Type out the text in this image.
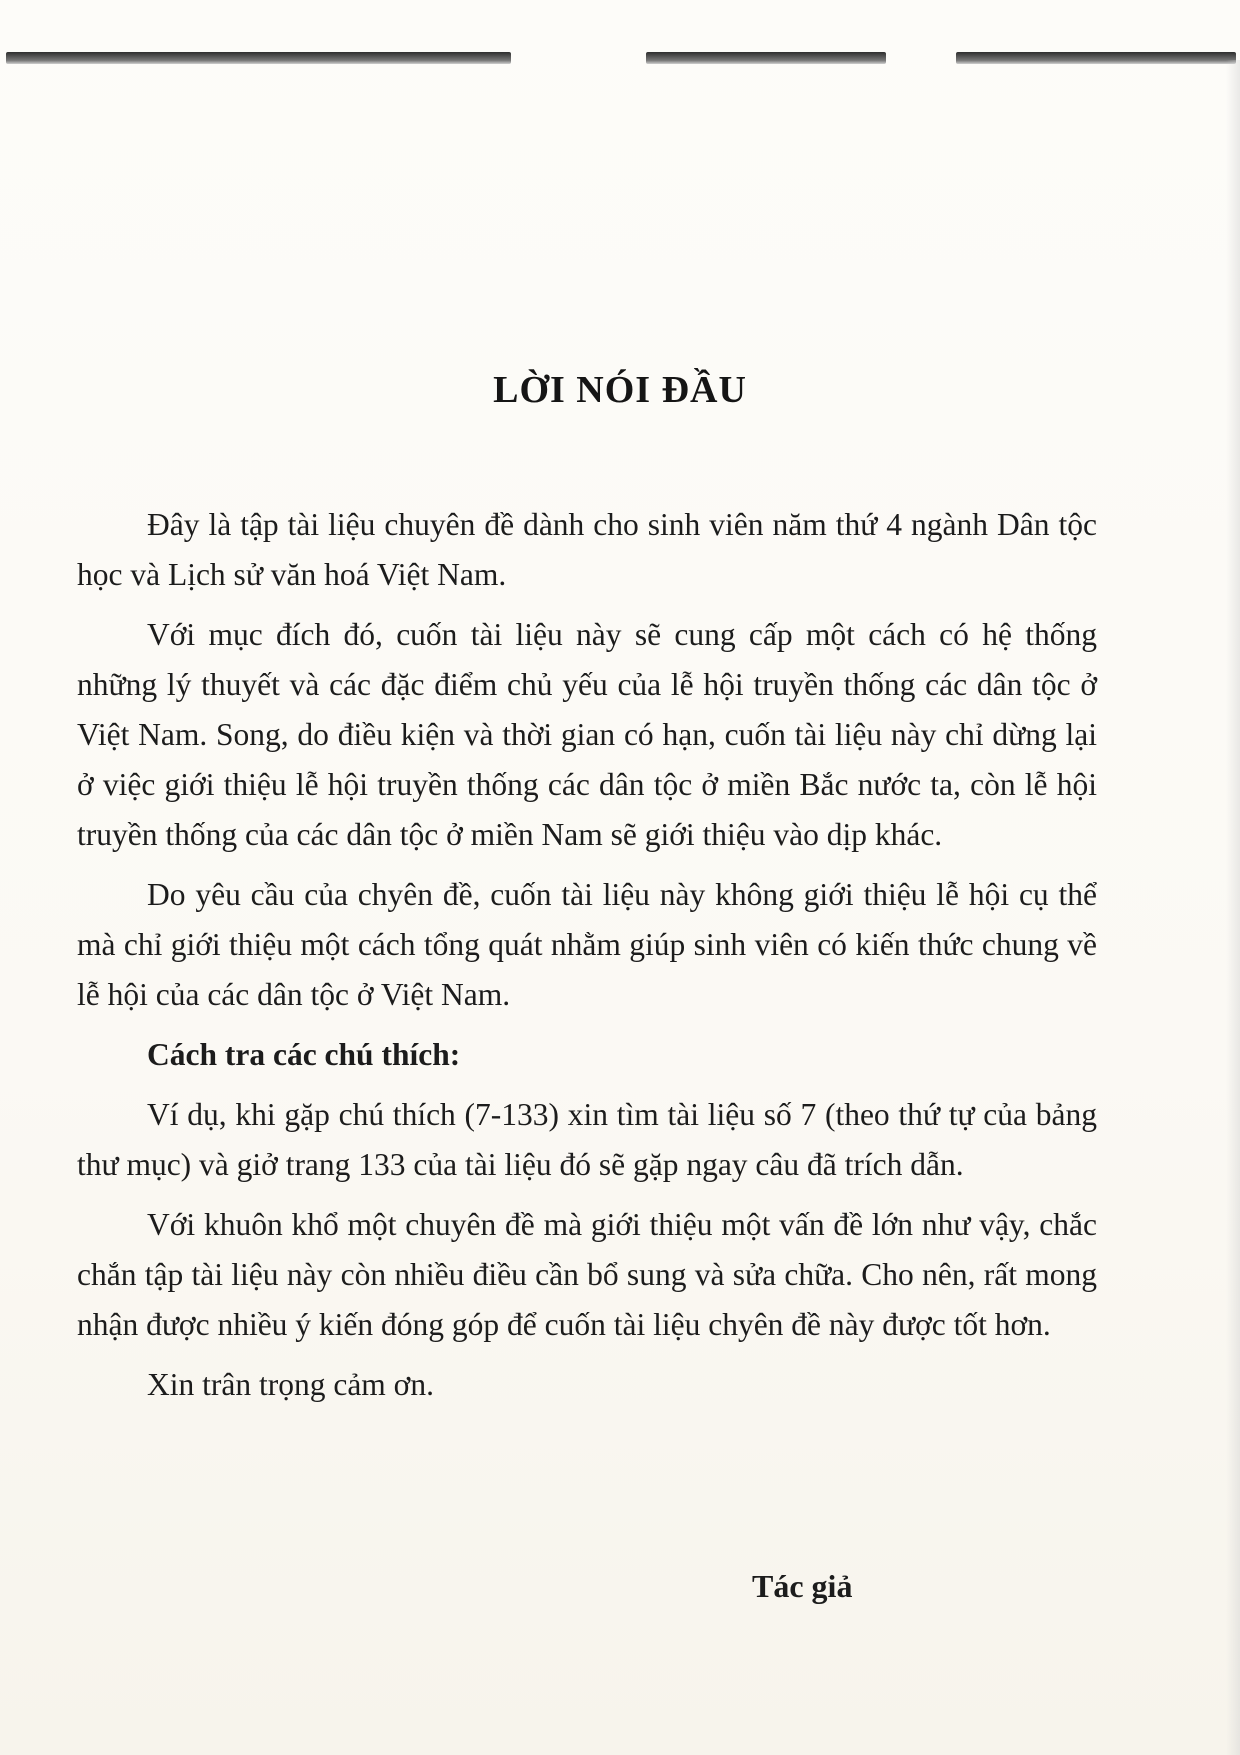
LỜI NÓI ĐẦU

Đây là tập tài liệu chuyên đề dành cho sinh viên năm thứ 4 ngành Dân tộc học và Lịch sử văn hoá Việt Nam.

Với mục đích đó, cuốn tài liệu này sẽ cung cấp một cách có hệ thống những lý thuyết và các đặc điểm chủ yếu của lễ hội truyền thống các dân tộc ở Việt Nam. Song, do điều kiện và thời gian có hạn, cuốn tài liệu này chỉ dừng lại ở việc giới thiệu lễ hội truyền thống các dân tộc ở miền Bắc nước ta, còn lễ hội truyền thống của các dân tộc ở miền Nam sẽ giới thiệu vào dịp khác.

Do yêu cầu của chyên đề, cuốn tài liệu này không giới thiệu lễ hội cụ thể mà chỉ giới thiệu một cách tổng quát nhằm giúp sinh viên có kiến thức chung về lễ hội của các dân tộc ở Việt Nam.

Cách tra các chú thích:

Ví dụ, khi gặp chú thích (7-133) xin tìm tài liệu số 7 (theo thứ tự của bảng thư mục) và giở trang 133 của tài liệu đó sẽ gặp ngay câu đã trích dẫn.

Với khuôn khổ một chuyên đề mà giới thiệu một vấn đề lớn như vậy, chắc chắn tập tài liệu này còn nhiều điều cần bổ sung và sửa chữa. Cho nên, rất mong nhận được nhiều ý kiến đóng góp để cuốn tài liệu chyên đề này được tốt hơn.

Xin trân trọng cảm ơn.

Tác giả
